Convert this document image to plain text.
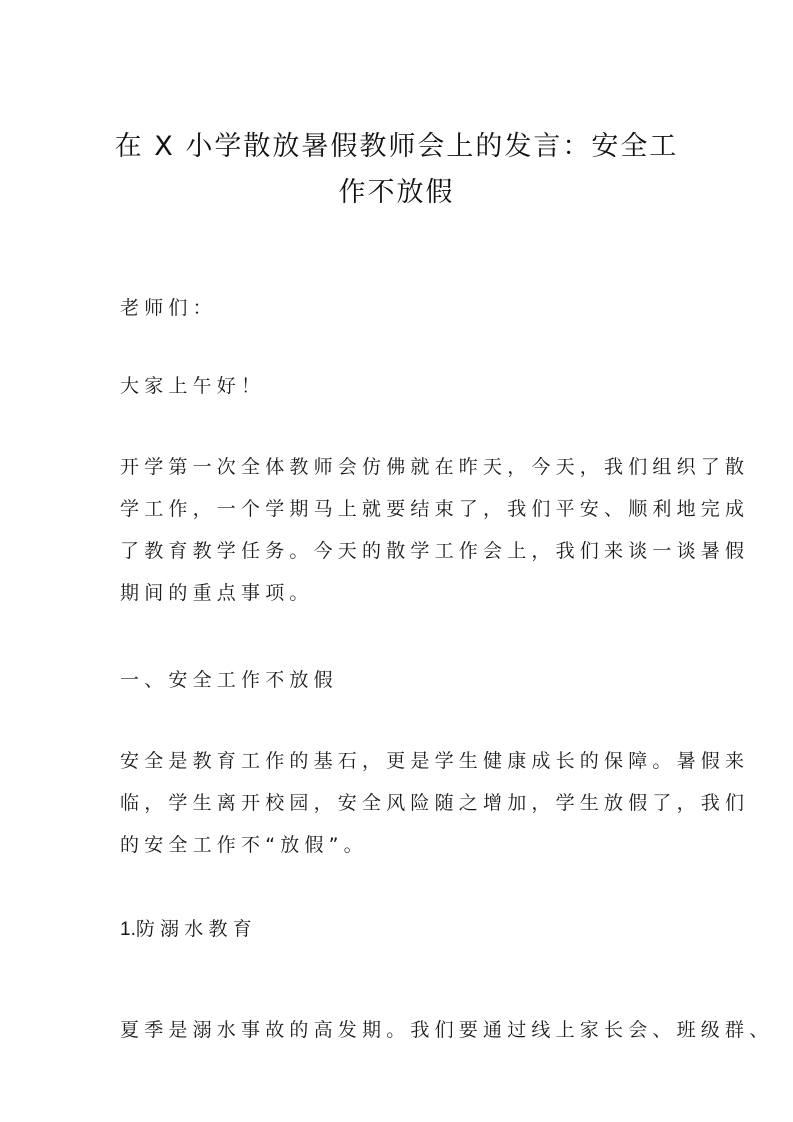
在 X 小学散放暑假教师会上的发言：安全工
作不放假

老师们：

大家上午好！

开学第一次全体教师会仿佛就在昨天，今天，我们组织了散
学工作，一个学期马上就要结束了，我们平安、顺利地完成
了教育教学任务。今天的散学工作会上，我们来谈一谈暑假
期间的重点事项。

一、安全工作不放假

安全是教育工作的基石，更是学生健康成长的保障。暑假来
临，学生离开校园，安全风险随之增加，学生放假了，我们
的安全工作不“放假”。

1.防溺水教育

夏季是溺水事故的高发期。我们要通过线上家长会、班级群、
